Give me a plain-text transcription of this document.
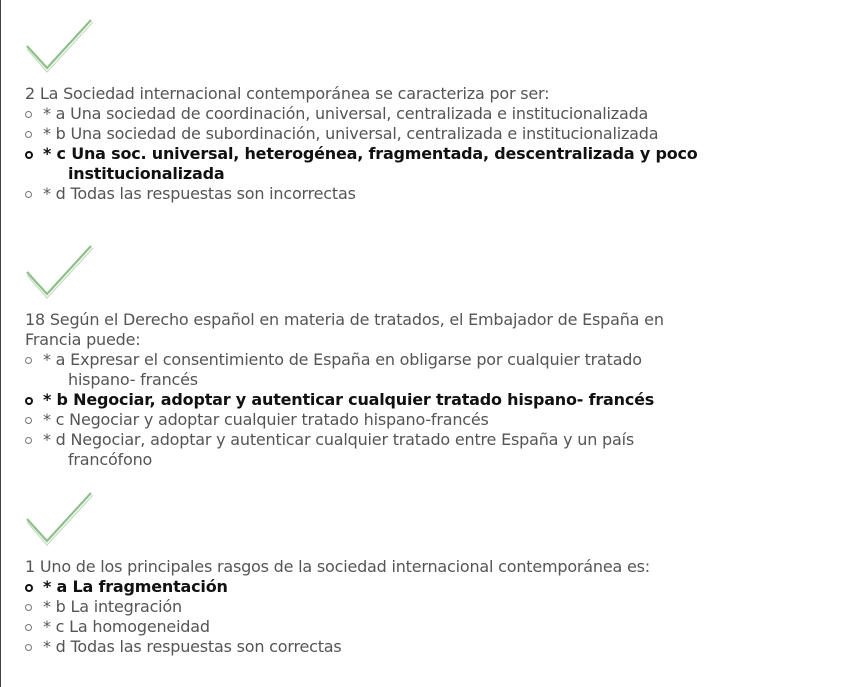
2 La Sociedad internacional contemporánea se caracteriza por ser:
* a Una sociedad de coordinación, universal, centralizada e institucionalizada
* b Una sociedad de subordinación, universal, centralizada e institucionalizada
* c Una soc. universal, heterogénea, fragmentada, descentralizada y poco institucionalizada
* d Todas las respuestas son incorrectas
18 Según el Derecho español en materia de tratados, el Embajador de España en Francia puede:
* a Expresar el consentimiento de España en obligarse por cualquier tratado hispano- francés
* b Negociar, adoptar y autenticar cualquier tratado hispano- francés
* c Negociar y adoptar cualquier tratado hispano-francés
* d Negociar, adoptar y autenticar cualquier tratado entre España y un país francófono
1 Uno de los principales rasgos de la sociedad internacional contemporánea es:
* a La fragmentación
* b La integración
* c La homogeneidad
* d Todas las respuestas son correctas
